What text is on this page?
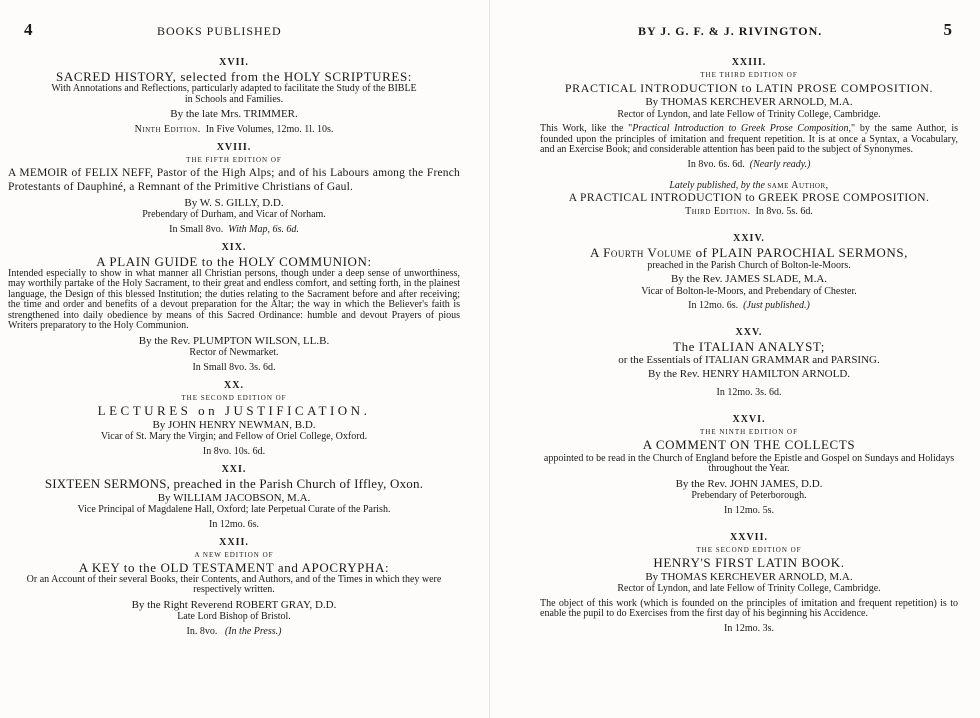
4	BOOKS PUBLISHED
XVII.
SACRED HISTORY, selected from the HOLY SCRIPTURES:
With Annotations and Reflections, particularly adapted to facilitate the Study of the BIBLE in Schools and Families.
By the late Mrs. TRIMMER.
Ninth Edition. In Five Volumes, 12mo. 1l. 10s.
XVIII.
THE FIFTH EDITION OF
A MEMOIR of FELIX NEFF, Pastor of the High Alps; and of his Labours among the French Protestants of Dauphiné, a Remnant of the Primitive Christians of Gaul.
By W. S. GILLY, D.D.
Prebendary of Durham, and Vicar of Norham.
In Small 8vo. With Map, 6s. 6d.
XIX.
A PLAIN GUIDE to the HOLY COMMUNION:
Intended especially to show in what manner all Christian persons, though under a deep sense of unworthiness, may worthily partake of the Holy Sacrament, to their great and endless comfort, and setting forth, in the plainest language, the Design of this blessed Institution; the duties relating to the Sacrament before and after receiving; the time and order and benefits of a devout preparation for the Altar; the way in which the Believer's faith is strengthened into daily obedience by means of this Sacred Ordinance: humble and devout Prayers of pious Writers preparatory to the Holy Communion.
By the Rev. PLUMPTON WILSON, LL.B.
Rector of Newmarket.
In Small 8vo. 3s. 6d.
XX.
THE SECOND EDITION OF
LECTURES on JUSTIFICATION.
By JOHN HENRY NEWMAN, B.D.
Vicar of St. Mary the Virgin; and Fellow of Oriel College, Oxford.
In 8vo. 10s. 6d.
XXI.
SIXTEEN SERMONS, preached in the Parish Church of Iffley, Oxon.
By WILLIAM JACOBSON, M.A.
Vice Principal of Magdalene Hall, Oxford; late Perpetual Curate of the Parish.
In 12mo. 6s.
XXII.
A NEW EDITION OF
A KEY to the OLD TESTAMENT and APOCRYPHA:
Or an Account of their several Books, their Contents, and Authors, and of the Times in which they were respectively written.
By the Right Reverend ROBERT GRAY, D.D.
Late Lord Bishop of Bristol.
In. 8vo. (In the Press.)
5
BY J. G. F. & J. RIVINGTON.
XXIII.
THE THIRD EDITION OF
PRACTICAL INTRODUCTION to LATIN PROSE COMPOSITION.
By THOMAS KERCHEVER ARNOLD, M.A.
Rector of Lyndon, and late Fellow of Trinity College, Cambridge.
This Work, like the "Practical Introduction to Greek Prose Composition," by the same Author, is founded upon the principles of imitation and frequent repetition. It is at once a Syntax, a Vocabulary, and an Exercise Book; and considerable attention has been paid to the subject of Synonymes.
In 8vo. 6s. 6d. (Nearly ready.)
Lately published, by the same Author,
A PRACTICAL INTRODUCTION to GREEK PROSE COMPOSITION.
Third Edition. In 8vo. 5s. 6d.
XXIV.
A Fourth Volume of PLAIN PAROCHIAL SERMONS,
preached in the Parish Church of Bolton-le-Moors.
By the Rev. JAMES SLADE, M.A.
Vicar of Bolton-le-Moors, and Prebendary of Chester.
In 12mo. 6s. (Just published.)
XXV.
The ITALIAN ANALYST;
or the Essentials of ITALIAN GRAMMAR and PARSING.
By the Rev. HENRY HAMILTON ARNOLD.
In 12mo. 3s. 6d.
XXVI.
THE NINTH EDITION OF
A COMMENT ON THE COLLECTS
appointed to be read in the Church of England before the Epistle and Gospel on Sundays and Holidays throughout the Year.
By the Rev. JOHN JAMES, D.D.
Prebendary of Peterborough.
In 12mo. 5s.
XXVII.
THE SECOND EDITION OF
HENRY'S FIRST LATIN BOOK.
By THOMAS KERCHEVER ARNOLD, M.A.
Rector of Lyndon, and late Fellow of Trinity College, Cambridge.
The object of this work (which is founded on the principles of imitation and frequent repetition) is to enable the pupil to do Exercises from the first day of his beginning his Accidence.
In 12mo. 3s.
